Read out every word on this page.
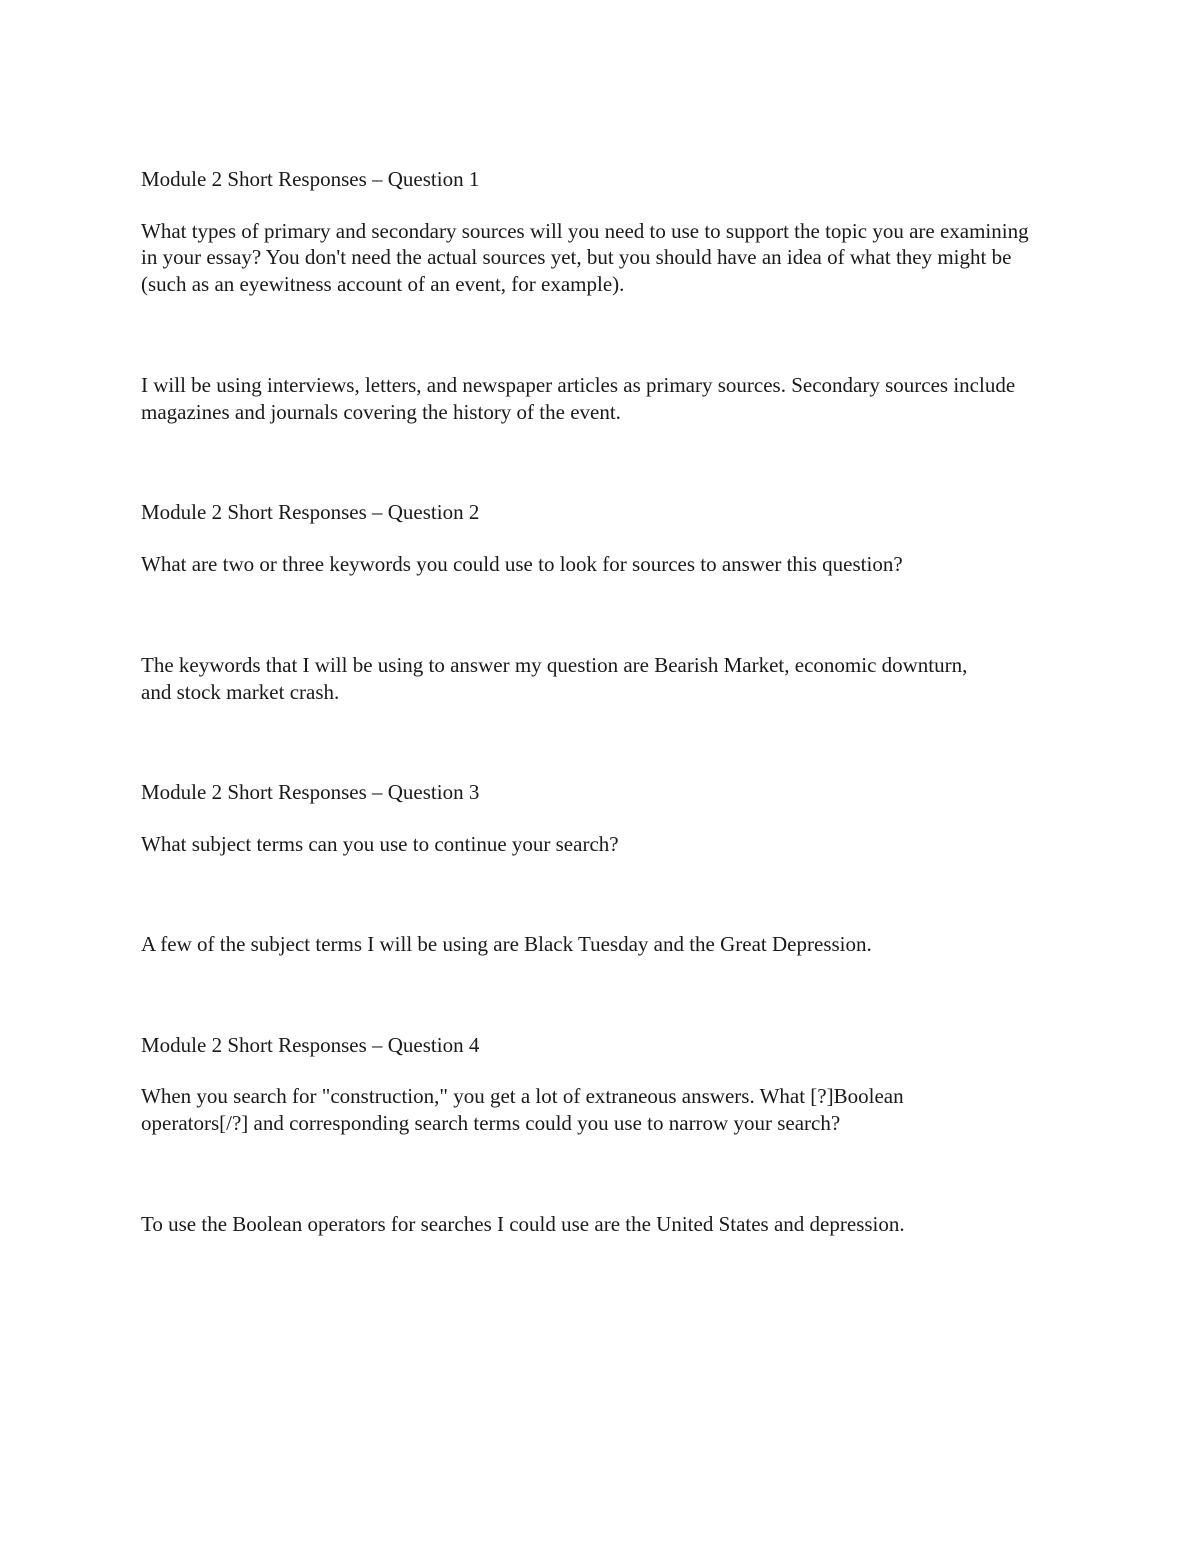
Module 2 Short Responses – Question 1

What types of primary and secondary sources will you need to use to support the topic you are examining in your essay? You don't need the actual sources yet, but you should have an idea of what they might be (such as an eyewitness account of an event, for example).

I will be using interviews, letters, and newspaper articles as primary sources. Secondary sources include magazines and journals covering the history of the event.

Module 2 Short Responses – Question 2

What are two or three keywords you could use to look for sources to answer this question?

The keywords that I will be using to answer my question are Bearish Market, economic downturn, and stock market crash.

Module 2 Short Responses – Question 3

What subject terms can you use to continue your search?

A few of the subject terms I will be using are Black Tuesday and the Great Depression.

Module 2 Short Responses – Question 4

When you search for "construction," you get a lot of extraneous answers. What [?]Boolean operators[/?] and corresponding search terms could you use to narrow your search?

To use the Boolean operators for searches I could use are the United States and depression.
